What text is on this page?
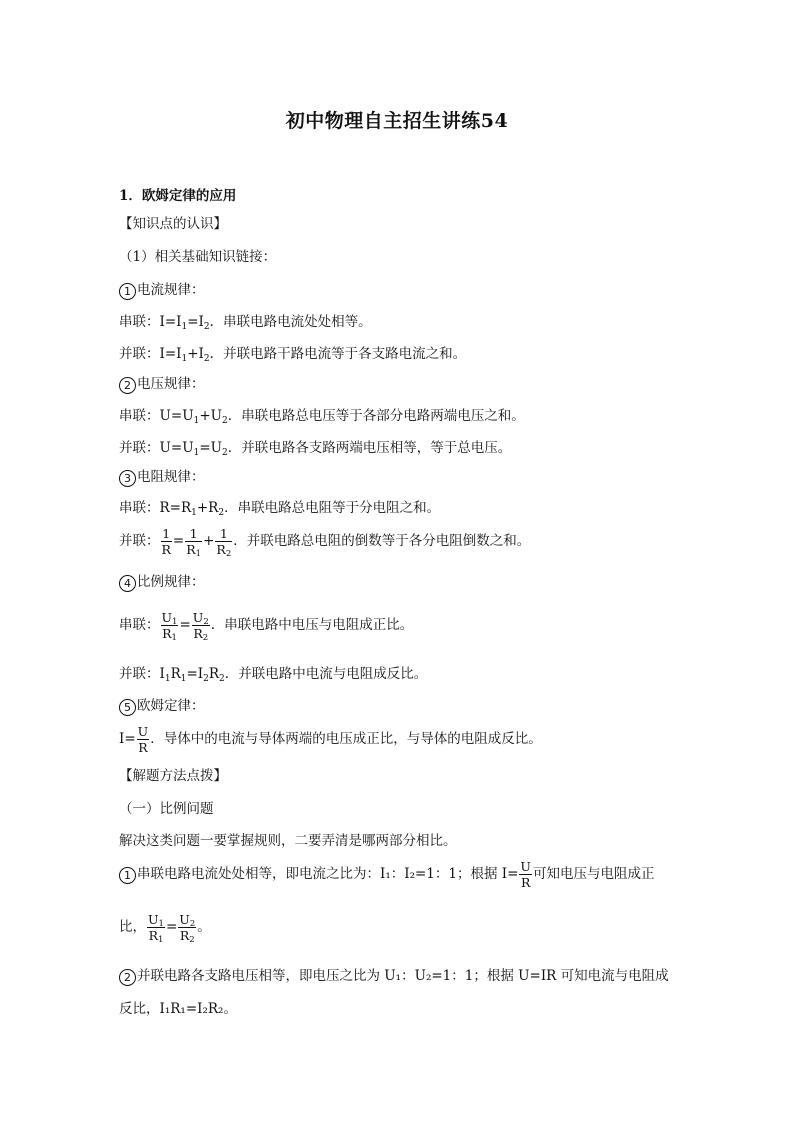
初中物理自主招生讲练54
1．欧姆定律的应用
【知识点的认识】
（1）相关基础知识链接：
1 电流规律：
串联：$I=I_1=I_2$．串联电路电流处处相等。
并联：$I=I_1+I_2$．并联电路干路电流等于各支路电流之和。
2 电压规律：
串联：$U=U_1+U_2$．串联电路总电压等于各部分电路两端电压之和。
并联：$U=U_1=U_2$．并联电路各支路两端电压相等，等于总电压。
3 电阻规律：
串联：$R=R_1+R_2$．串联电路总电阻等于分电阻之和。
并联： $\frac{1}{R} = \frac{1}{R_1} + \frac{1}{R_2}$ ．并联电路总电阻的倒数等于各分电阻倒数之和。
4 比例规律：
串联： $\frac{U_1}{R_1} = \frac{U_2}{R_2}$ ．串联电路中电压与电阻成正比。
并联：$I_1R_1=I_2R_2$．并联电路中电流与电阻成反比。
5 欧姆定律：
$I= \frac{U}{R}$ ．导体中的电流与导体两端的电压成正比，与导体的电阻成反比。
【解题方法点拨】
（一）比例问题
解决这类问题一要掌握规则，二要弄清是哪两部分相比。
1 串联电路电流处处相等，即电流之比为：I₁：I₂=1：1；根据 $I= \frac{U}{R}$ 可知电压与电阻成正
比， $\frac{U_1}{R_1} = \frac{U_2}{R_2}$ 。
2 并联电路各支路电压相等，即电压之比为 U₁：U₂=1：1；根据 U=IR 可知电流与电阻成
反比，I₁R₁=I₂R₂。
